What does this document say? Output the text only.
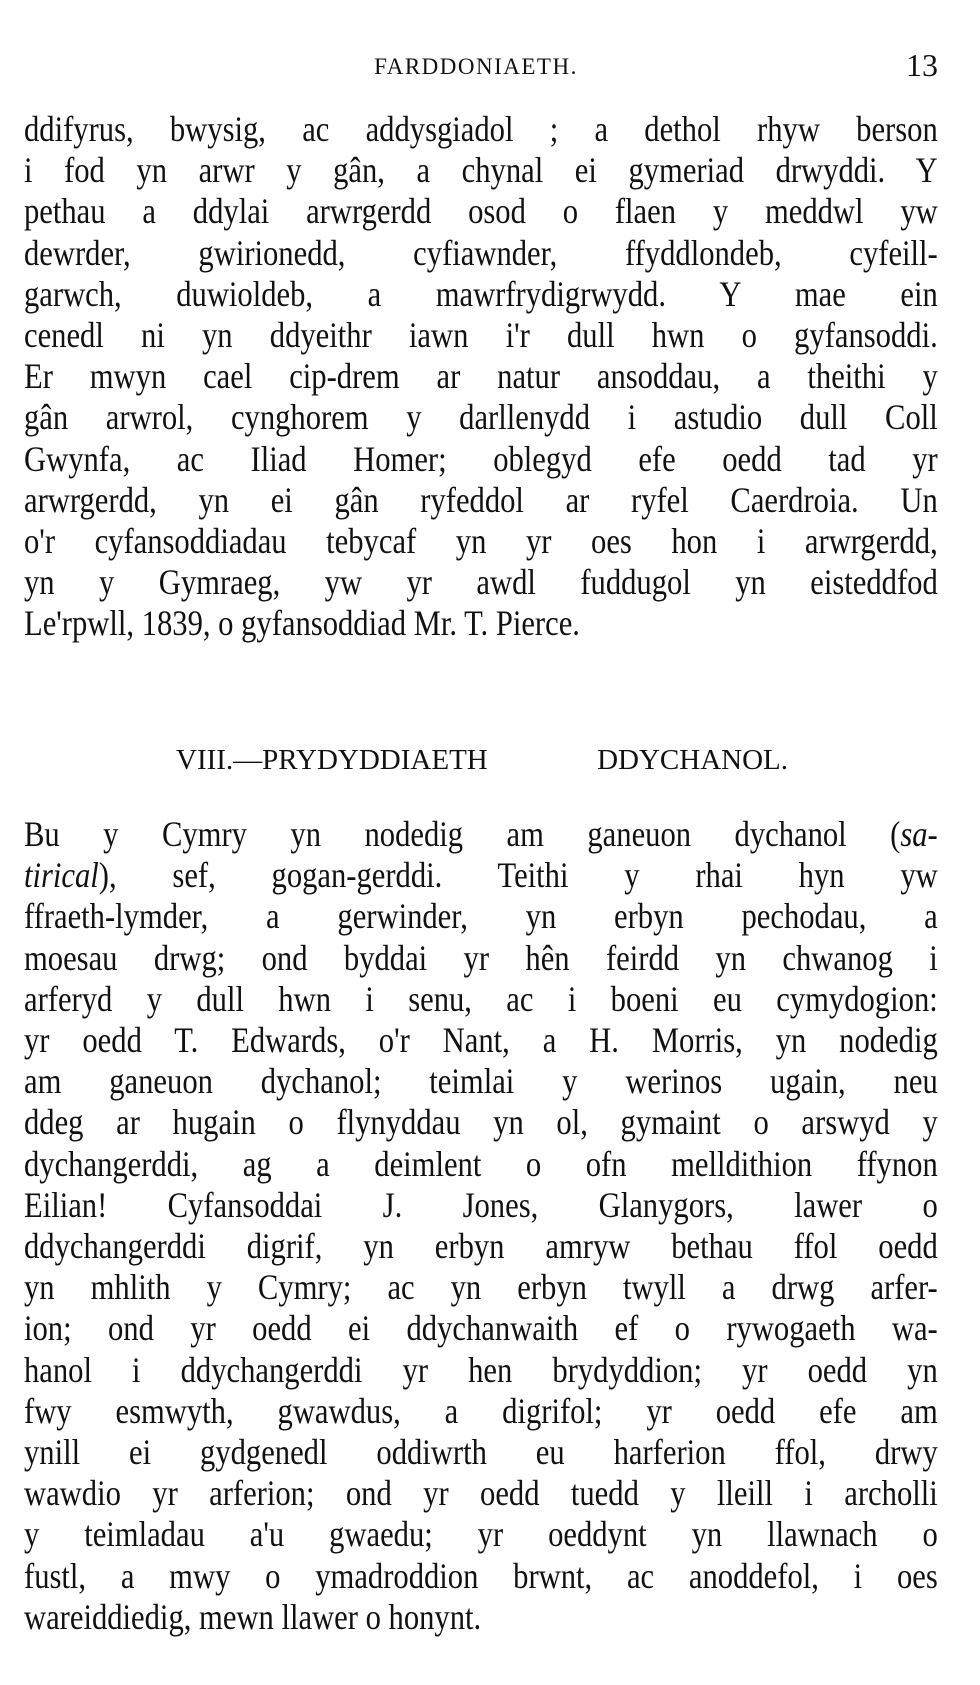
FARDDONIAETH.	13
ddifyrus, bwysig, ac addysgiadol ; a dethol rhyw berson
i fod yn arwr y gân, a chynal ei gymeriad drwyddi. Y
pethau a ddylai arwrgerdd osod o flaen y meddwl yw
dewrder, gwirionedd, cyfiawnder, ffyddlondeb, cyfeill-
garwch, duwioldeb, a mawrfrydigrwydd. Y mae ein
cenedl ni yn ddyeithr iawn i'r dull hwn o gyfansoddi.
Er mwyn cael cip-drem ar natur ansoddau, a theithi y
gân arwrol, cynghorem y darllenydd i astudio dull Coll
Gwynfa, ac Iliad Homer; oblegyd efe oedd tad yr
arwrgerdd, yn ei gân ryfeddol ar ryfel Caerdroia. Un
o'r cyfansoddiadau tebycaf yn yr oes hon i arwrgerdd,
yn y Gymraeg, yw yr awdl fuddugol yn eisteddfod
Le'rpwll, 1839, o gyfansoddiad Mr. T. Pierce.
VIII.—PRYDYDDIAETH DDYCHANOL.
Bu y Cymry yn nodedig am ganeuon dychanol (sa-
tirical), sef, gogan-gerddi. Teithi y rhai hyn yw
ffraeth-lymder, a gerwinder, yn erbyn pechodau, a
moesau drwg; ond byddai yr hên feirdd yn chwanog i
arferyd y dull hwn i senu, ac i boeni eu cymydogion:
yr oedd T. Edwards, o'r Nant, a H. Morris, yn nodedig
am ganeuon dychanol; teimlai y werinos ugain, neu
ddeg ar hugain o flynyddau yn ol, gymaint o arswyd y
dychangerddi, ag a deimlent o ofn melldithion ffynon
Eilian! Cyfansoddai J. Jones, Glanygors, lawer o
ddychangerddi digrif, yn erbyn amryw bethau ffol oedd
yn mhlith y Cymry; ac yn erbyn twyll a drwg arfer-
ion; ond yr oedd ei ddychanwaith ef o rywogaeth wa-
hanol i ddychangerddi yr hen brydyddion; yr oedd yn
fwy esmwyth, gwawdus, a digrifol; yr oedd efe am
ynill ei gydgenedl oddiwrth eu harferion ffol, drwy
wawdio yr arferion; ond yr oedd tuedd y lleill i archolli
y teimladau a'u gwaedu; yr oeddynt yn llawnach o
fustl, a mwy o ymadroddion brwnt, ac anoddefol, i oes
wareiddiedig, mewn llawer o honynt.
